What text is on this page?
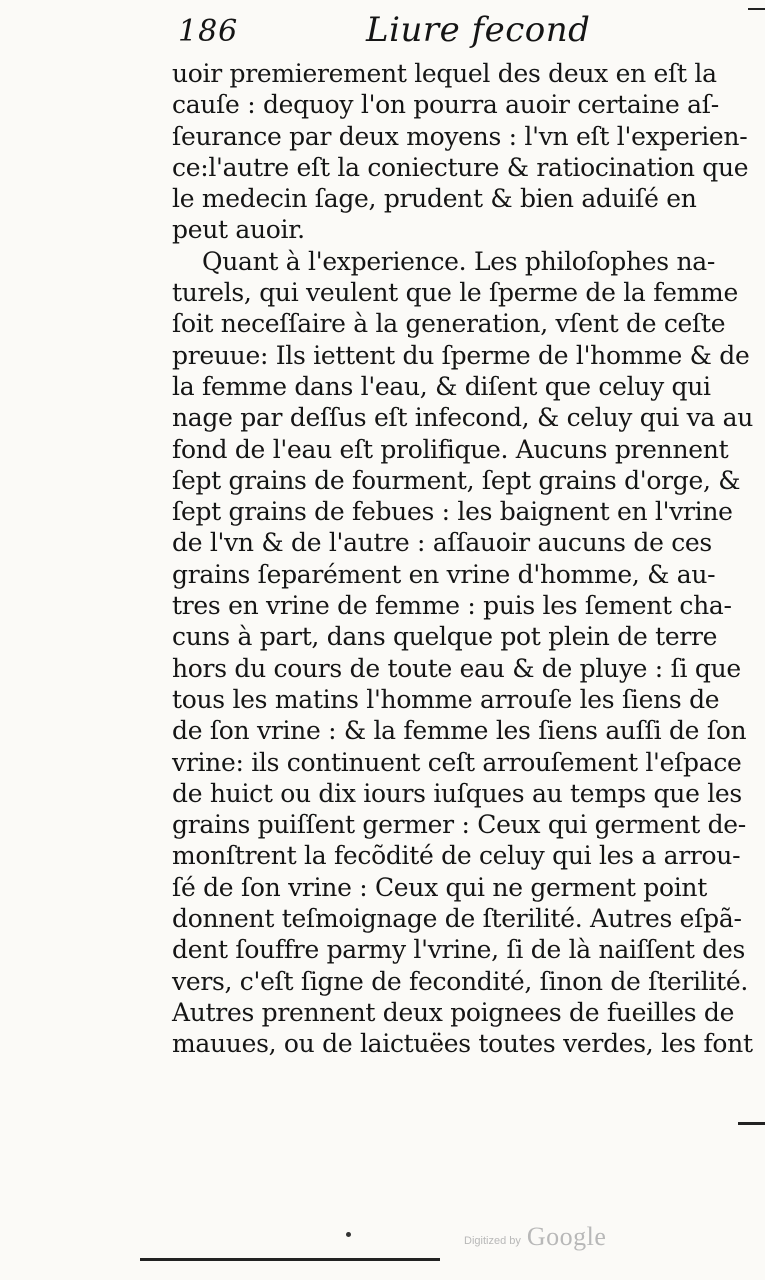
186	Liure fecond
uoir premierement lequel des deux en eſt la
cauſe : dequoy l'on pourra auoir certaine aſ-
ſeurance par deux moyens : l'vn eſt l'experien-
ce:l'autre eſt la coniecture & ratiocination que
le medecin ſage, prudent & bien aduiſé en
peut auoir.
Quant à l'experience. Les philoſophes na-
turels, qui veulent que le ſperme de la femme
ſoit neceſſaire à la generation, vſent de ceſte
preuue: Ils iettent du ſperme de l'homme & de
la femme dans l'eau, & diſent que celuy qui
nage par deſſus eſt infecond, & celuy qui va au
fond de l'eau eſt prolifique. Aucuns prennent
ſept grains de fourment, ſept grains d'orge, &
ſept grains de febues : les baignent en l'vrine
de l'vn & de l'autre : aſſauoir aucuns de ces
grains ſeparément en vrine d'homme, & au-
tres en vrine de femme : puis les ſement cha-
cuns à part, dans quelque pot plein de terre
hors du cours de toute eau & de pluye : ſi que
tous les matins l'homme arrouſe les ſiens de
de ſon vrine : & la femme les ſiens auſſi de ſon
vrine: ils continuent ceſt arrouſement l'eſpace
de huict ou dix iours iuſques au temps que les
grains puiſſent germer : Ceux qui germent de-
monſtrent la fecõdité de celuy qui les a arrou-
ſé de ſon vrine : Ceux qui ne germent point
donnent teſmoignage de ſterilité. Autres eſpã-
dent ſouffre parmy l'vrine, ſi de là naiſſent des
vers, c'eſt ſigne de fecondité, ſinon de ſterilité.
Autres prennent deux poignees de fueilles de
mauues, ou de laictuëes toutes verdes, les font
Digitized by Google
